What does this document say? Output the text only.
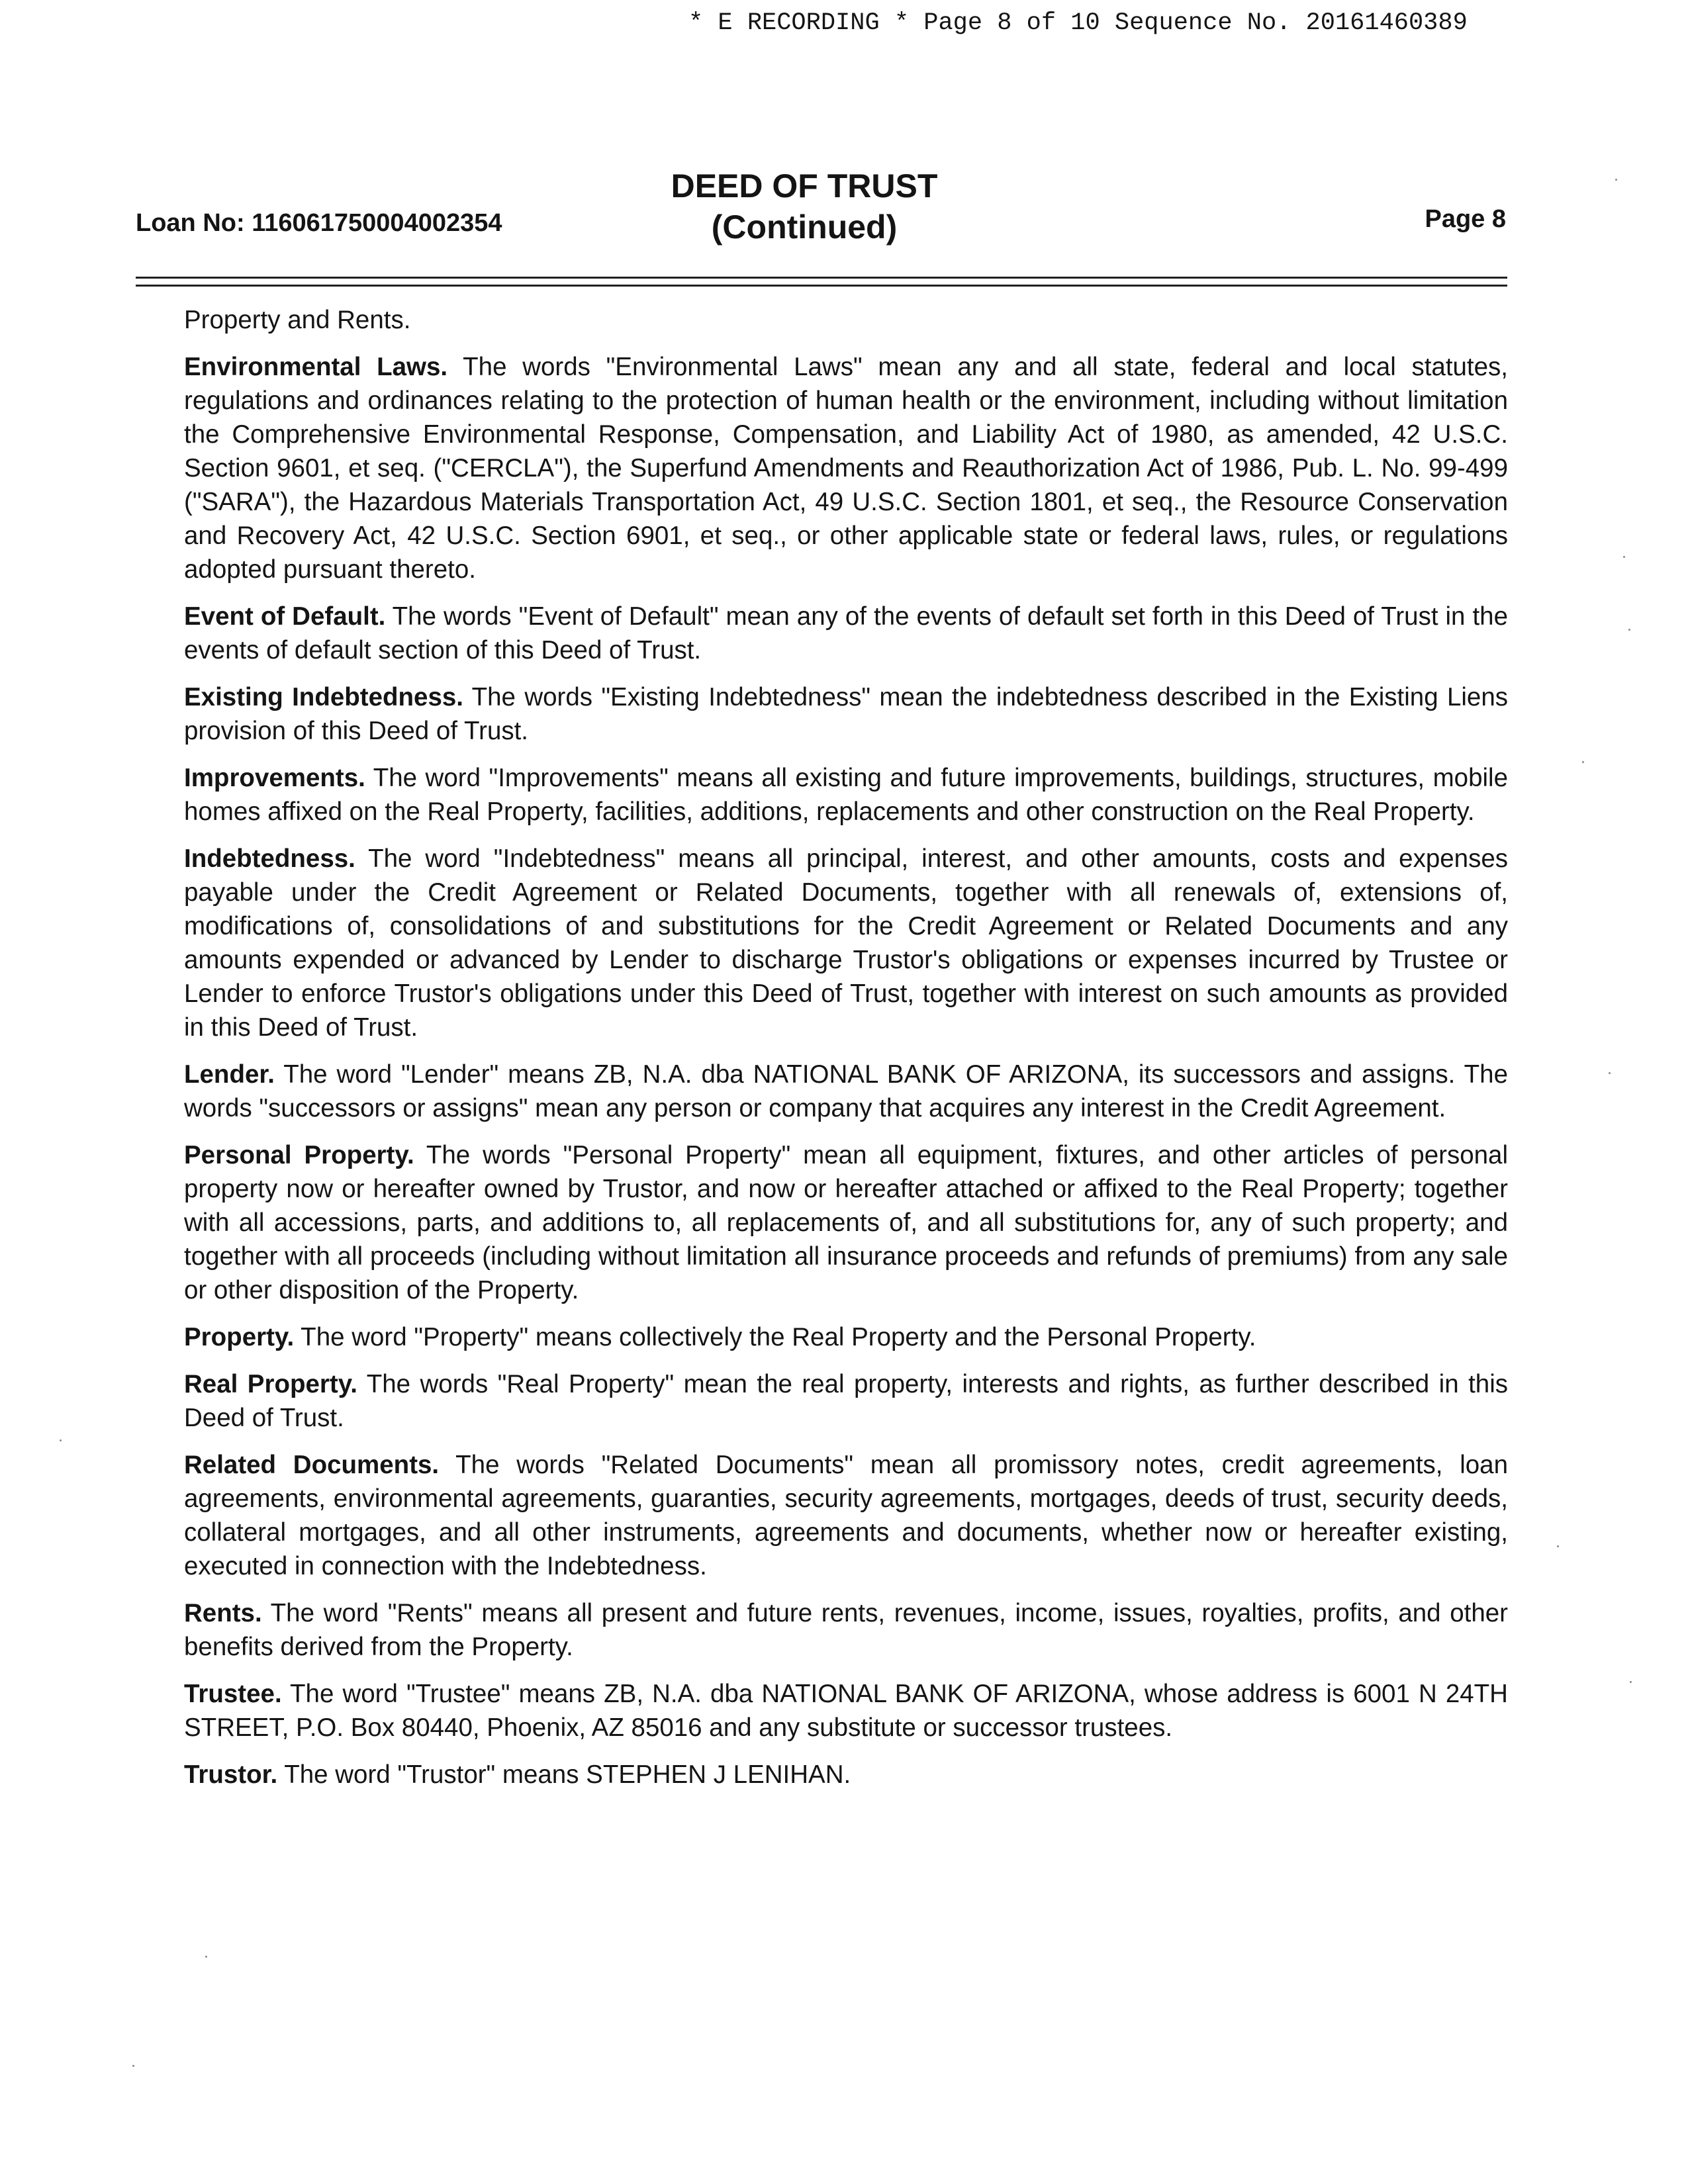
* E RECORDING * Page 8 of 10 Sequence No. 20161460389
Loan No: 116061750004002354
DEED OF TRUST
(Continued)	Page 8

Property and Rents.

Environmental Laws. The words "Environmental Laws" mean any and all state, federal and local statutes, regulations and ordinances relating to the protection of human health or the environment, including without limitation the Comprehensive Environmental Response, Compensation, and Liability Act of 1980, as amended, 42 U.S.C. Section 9601, et seq. ("CERCLA"), the Superfund Amendments and Reauthorization Act of 1986, Pub. L. No. 99-499 ("SARA"), the Hazardous Materials Transportation Act, 49 U.S.C. Section 1801, et seq., the Resource Conservation and Recovery Act, 42 U.S.C. Section 6901, et seq., or other applicable state or federal laws, rules, or regulations adopted pursuant thereto.

Event of Default. The words "Event of Default" mean any of the events of default set forth in this Deed of Trust in the events of default section of this Deed of Trust.

Existing Indebtedness. The words "Existing Indebtedness" mean the indebtedness described in the Existing Liens provision of this Deed of Trust.

Improvements. The word "Improvements" means all existing and future improvements, buildings, structures, mobile homes affixed on the Real Property, facilities, additions, replacements and other construction on the Real Property.

Indebtedness. The word "Indebtedness" means all principal, interest, and other amounts, costs and expenses payable under the Credit Agreement or Related Documents, together with all renewals of, extensions of, modifications of, consolidations of and substitutions for the Credit Agreement or Related Documents and any amounts expended or advanced by Lender to discharge Trustor's obligations or expenses incurred by Trustee or Lender to enforce Trustor's obligations under this Deed of Trust, together with interest on such amounts as provided in this Deed of Trust.

Lender. The word "Lender" means ZB, N.A. dba NATIONAL BANK OF ARIZONA, its successors and assigns. The words "successors or assigns" mean any person or company that acquires any interest in the Credit Agreement.

Personal Property. The words "Personal Property" mean all equipment, fixtures, and other articles of personal property now or hereafter owned by Trustor, and now or hereafter attached or affixed to the Real Property; together with all accessions, parts, and additions to, all replacements of, and all substitutions for, any of such property; and together with all proceeds (including without limitation all insurance proceeds and refunds of premiums) from any sale or other disposition of the Property.

Property. The word "Property" means collectively the Real Property and the Personal Property.

Real Property. The words "Real Property" mean the real property, interests and rights, as further described in this Deed of Trust.

Related Documents. The words "Related Documents" mean all promissory notes, credit agreements, loan agreements, environmental agreements, guaranties, security agreements, mortgages, deeds of trust, security deeds, collateral mortgages, and all other instruments, agreements and documents, whether now or hereafter existing, executed in connection with the Indebtedness.

Rents. The word "Rents" means all present and future rents, revenues, income, issues, royalties, profits, and other benefits derived from the Property.

Trustee. The word "Trustee" means ZB, N.A. dba NATIONAL BANK OF ARIZONA, whose address is 6001 N 24TH STREET, P.O. Box 80440, Phoenix, AZ 85016 and any substitute or successor trustees.

Trustor. The word "Trustor" means STEPHEN J LENIHAN.
